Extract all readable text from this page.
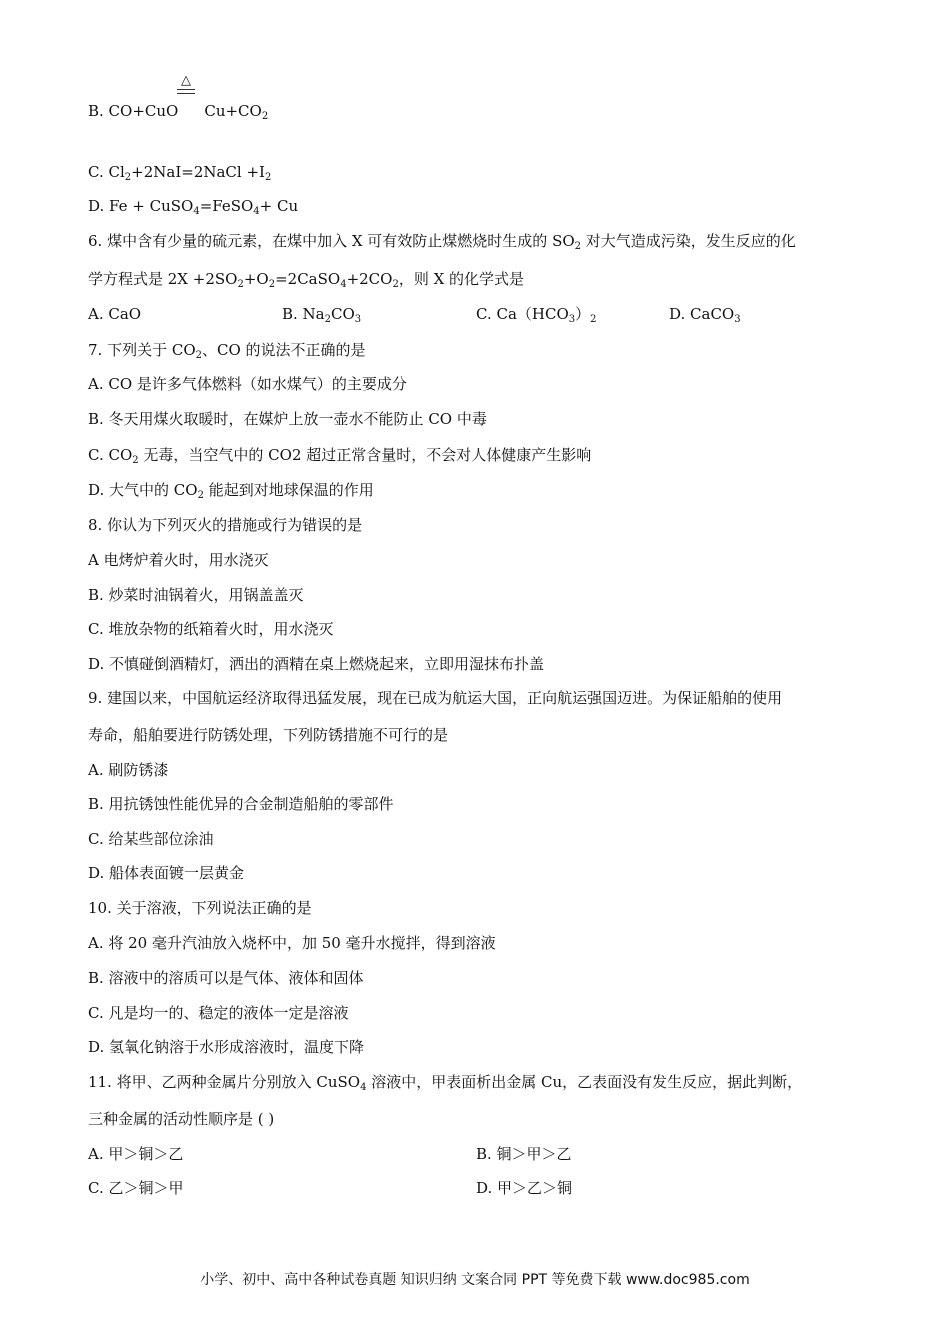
△
B. CO+CuO $Cu+CO_2$
C. $Cl_2+2NaI=2NaCl +I_2$
D. Fe + CuSO$_4$=FeSO$_4$+ Cu
6. 煤中含有少量的硫元素，在煤中加入 X 可有效防止煤燃烧时生成的 $SO_2$ 对大气造成污染，发生反应的化
学方程式是 $2X +2SO_2+O_2=2CaSO_4+2CO_2$，则 X 的化学式是
A. CaO	B. $Na_2CO_3$	C. $Ca(HCO_3)_2$	D. CaCO$_3$
7. 下列关于 $CO_2$、CO 的说法不正确的是
A. CO 是许多气体燃料（如水煤气）的主要成分
B. 冬天用煤火取暖时，在媒炉上放一壶水不能防止 CO 中毒
C. $CO_2$ 无毒，当空气中的 CO2 超过正常含量时，不会对人体健康产生影响
D. 大气中的 $CO_2$ 能起到对地球保温的作用
8. 你认为下列灭火的措施或行为错误的是
A 电烤炉着火时，用水浇灭
B. 炒菜时油锅着火，用锅盖盖灭
C. 堆放杂物的纸箱着火时，用水浇灭
D. 不慎碰倒酒精灯，洒出的酒精在桌上燃烧起来，立即用湿抹布扑盖
9. 建国以来，中国航运经济取得迅猛发展，现在已成为航运大国，正向航运强国迈进。为保证船舶的使用
寿命，船舶要进行防锈处理，下列防锈措施不可行的是
A. 刷防锈漆
B. 用抗锈蚀性能优异的合金制造船舶的零部件
C. 给某些部位涂油
D. 船体表面镀一层黄金
10. 关于溶液，下列说法正确的是
A. 将 20 毫升汽油放入烧杯中，加 50 毫升水搅拌，得到溶液
B. 溶液中的溶质可以是气体、液体和固体
C. 凡是均一的、稳定的液体一定是溶液
D. 氢氧化钠溶于水形成溶液时，温度下降
11. 将甲、乙两种金属片分别放入 CuSO$_4$ 溶液中，甲表面析出金属 Cu，乙表面没有发生反应，据此判断，
三种金属的活动性顺序是 ( )
A. 甲＞铜＞乙	B. 铜＞甲＞乙
C. 乙＞铜＞甲	D. 甲＞乙＞铜
小学、初中、高中各种试卷真题 知识归纳 文案合同 PPT 等免费下载 www.doc985.com
